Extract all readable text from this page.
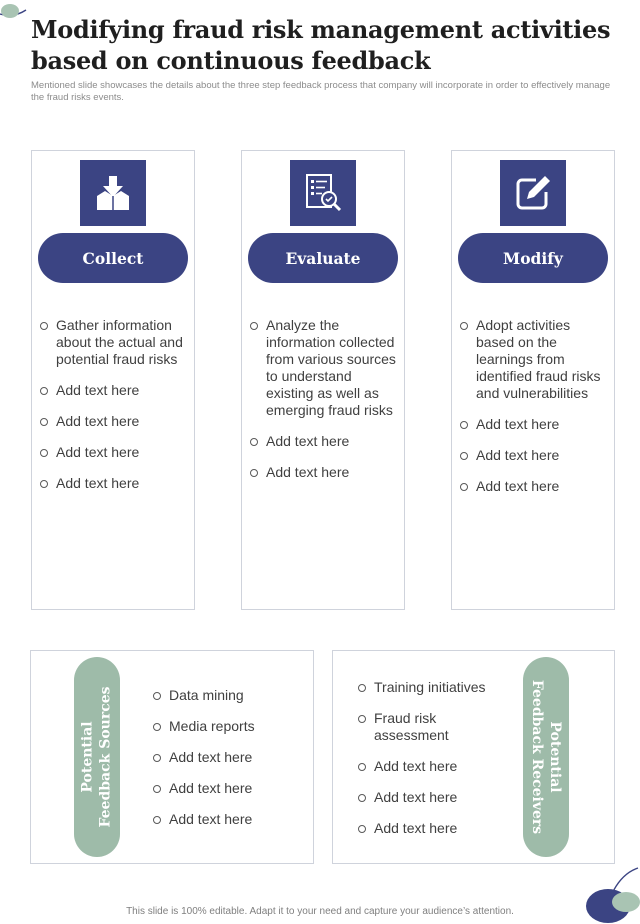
Modifying fraud risk management activities based on continuous feedback

Mentioned slide showcases the details about the three step feedback process that company will incorporate in order to effectively manage the fraud risks events.

Collect
Gather information about the actual and potential fraud risks
Add text here
Add text here
Add text here
Add text here
Evaluate
Analyze the information collected from various sources to understand existing as well as emerging fraud risks
Add text here
Add text here
Modify
Adopt activities based on the learnings from identified fraud risks and vulnerabilities
Add text here
Add text here
Add text here
Potential Feedback Sources	Data mining
Media reports
Add text here
Add text here
Add text here
Potential
Feedback Receivers
Training initiatives
Fraud risk assessment
Add text here
Add text here
Add text here
This slide is 100% editable. Adapt it to your need and capture your audience’s attention.
